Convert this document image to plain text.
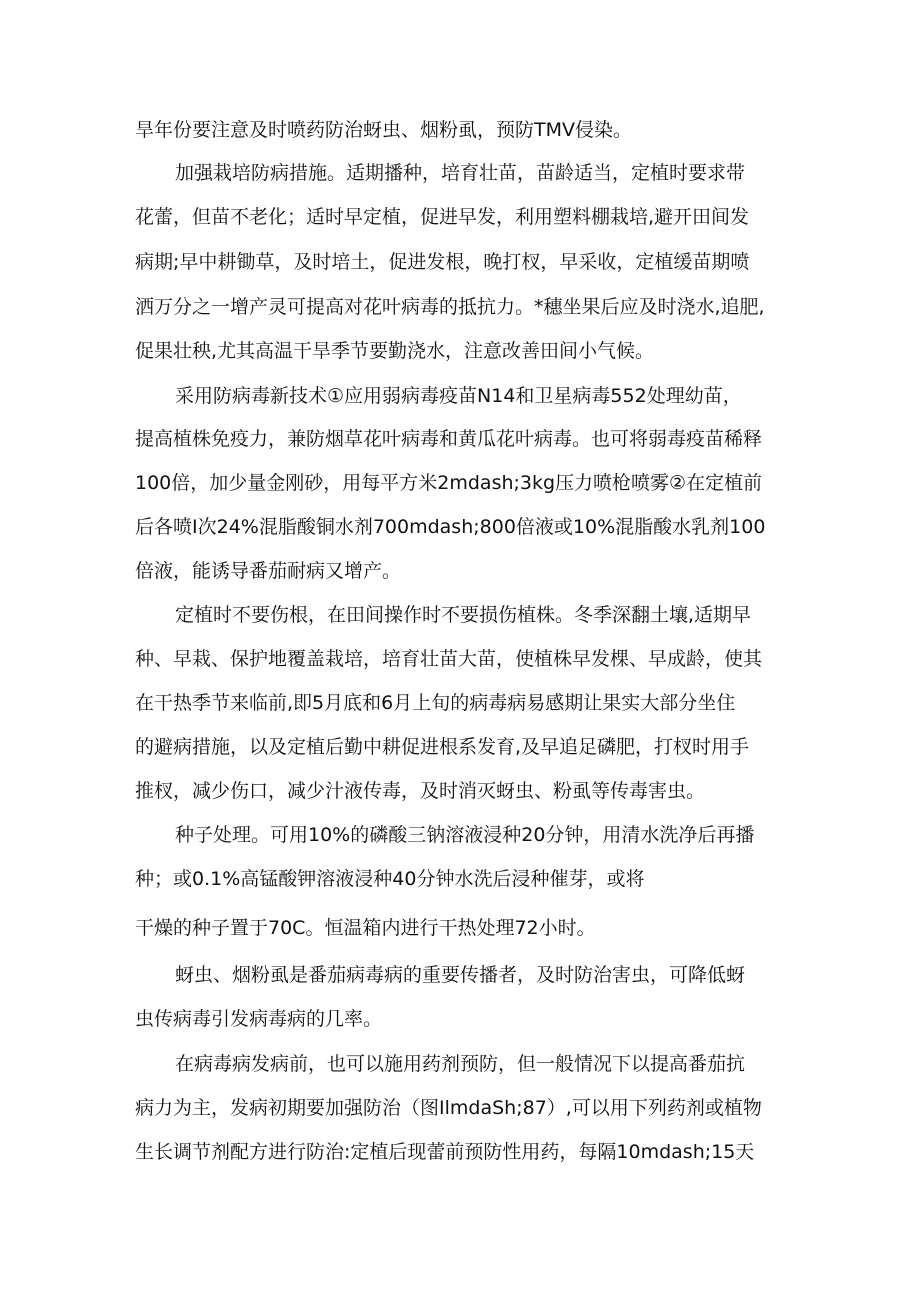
旱年份要注意及时喷药防治蚜虫、烟粉虱，预防TMV侵染。
加强栽培防病措施。适期播种，培育壮苗，苗龄适当，定植时要求带
花蕾，但苗不老化；适时早定植，促进早发，利用塑料棚栽培,避开田间发
病期;早中耕锄草，及时培土，促进发根，晚打杈，早采收，定植缓苗期喷
洒万分之一增产灵可提高对花叶病毒的抵抗力。*穗坐果后应及时浇水,追肥,
促果壮秧,尤其高温干旱季节要勤浇水，注意改善田间小气候。
采用防病毒新技术①应用弱病毒疫苗N14和卫星病毒552处理幼苗，
提高植株免疫力，兼防烟草花叶病毒和黄瓜花叶病毒。也可将弱毒疫苗稀释
100倍，加少量金刚砂，用每平方米2mdash;3kg压力喷枪喷雾②在定植前
后各喷I次24%混脂酸铜水剂700mdash;800倍液或10%混脂酸水乳剂100
倍液，能诱导番茄耐病又增产。
定植时不要伤根，在田间操作时不要损伤植株。冬季深翻土壤,适期早
种、早栽、保护地覆盖栽培，培育壮苗大苗，使植株早发棵、早成龄，使其
在干热季节来临前,即5月底和6月上旬的病毒病易感期让果实大部分坐住
的避病措施，以及定植后勤中耕促进根系发育,及早追足磷肥，打杈时用手
推杈，减少伤口，减少汁液传毒，及时消灭蚜虫、粉虱等传毒害虫。
种子处理。可用10%的磷酸三钠溶液浸种20分钟，用清水洗净后再播
种；或0.1%高锰酸钾溶液浸种40分钟水洗后浸种催芽，或将
干燥的种子置于70C。恒温箱内进行干热处理72小时。
蚜虫、烟粉虱是番茄病毒病的重要传播者，及时防治害虫，可降低蚜
虫传病毒引发病毒病的几率。
在病毒病发病前，也可以施用药剂预防，但一般情况下以提高番茄抗
病力为主，发病初期要加强防治（图IlmdaSh;87）,可以用下列药剂或植物
生长调节剂配方进行防治:定植后现蕾前预防性用药，每隔10mdash;15天
